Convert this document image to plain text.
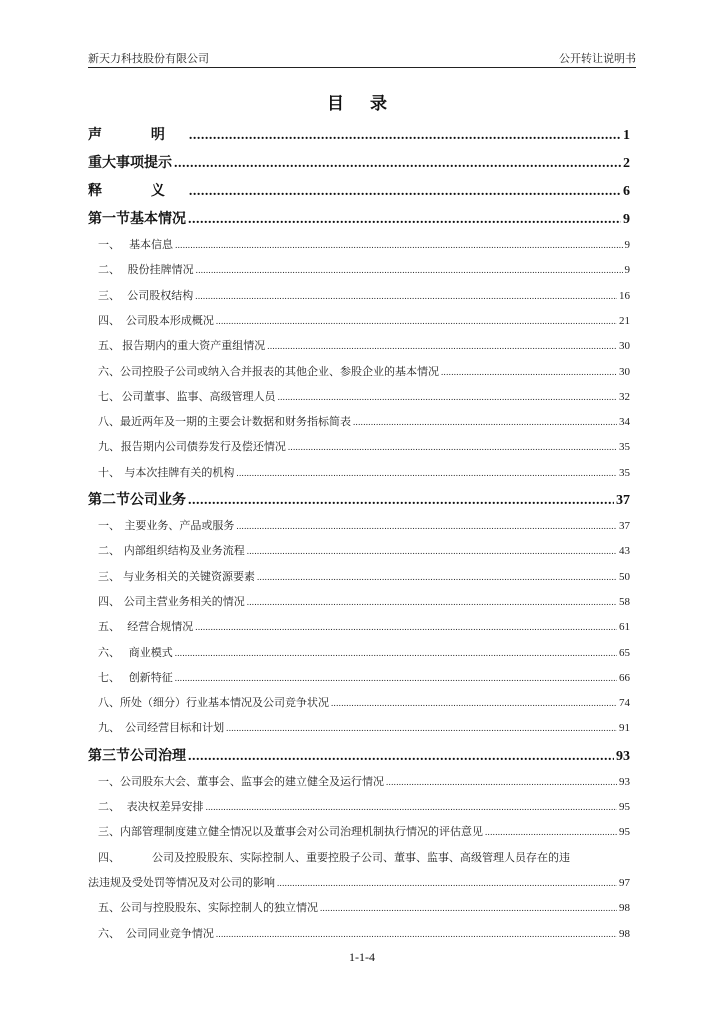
新天力科技股份有限公司	公开转让说明书
目 录
声 明 .....	1
重大事项提示 .....	2
释 义 .....	6
第一节 基本情况 .....	9
一、 基本信息 .....	9
二、 股份挂牌情况 .....	9
三、 公司股权结构 .....	16
四、 公司股本形成概况 .....	21
五、 报告期内的重大资产重组情况 .....	30
六、 公司控股子公司或纳入合并报表的其他企业、参股企业的基本情况 .....	30
七、 公司董事、监事、高级管理人员 .....	32
八、 最近两年及一期的主要会计数据和财务指标简表 .....	34
九、 报告期内公司债券发行及偿还情况 .....	35
十、 与本次挂牌有关的机构 .....	35
第二节 公司业务 .....	37
一、 主要业务、产品或服务 .....	37
二、 内部组织结构及业务流程 .....	43
三、 与业务相关的关键资源要素 .....	50
四、 公司主营业务相关的情况 .....	58
五、 经营合规情况 .....	61
六、 商业模式 .....	65
七、 创新特征 .....	66
八、 所处（细分）行业基本情况及公司竞争状况 .....	74
九、 公司经营目标和计划 .....	91
第三节 公司治理 .....	93
一、 公司股东大会、董事会、监事会的建立健全及运行情况 .....	93
二、 表决权差异安排 .....	95
三、 内部管理制度建立健全情况以及董事会对公司治理机制执行情况的评估意见 .....	95
四、	公司及控股股东、实际控制人、重要控股子公司、董事、监事、高级管理人员存在的违
法违规及受处罚等情况及对公司的影响 .....	97
五、 公司与控股股东、实际控制人的独立情况 .....	98
六、 公司同业竞争情况 .....	98
1-1-4
